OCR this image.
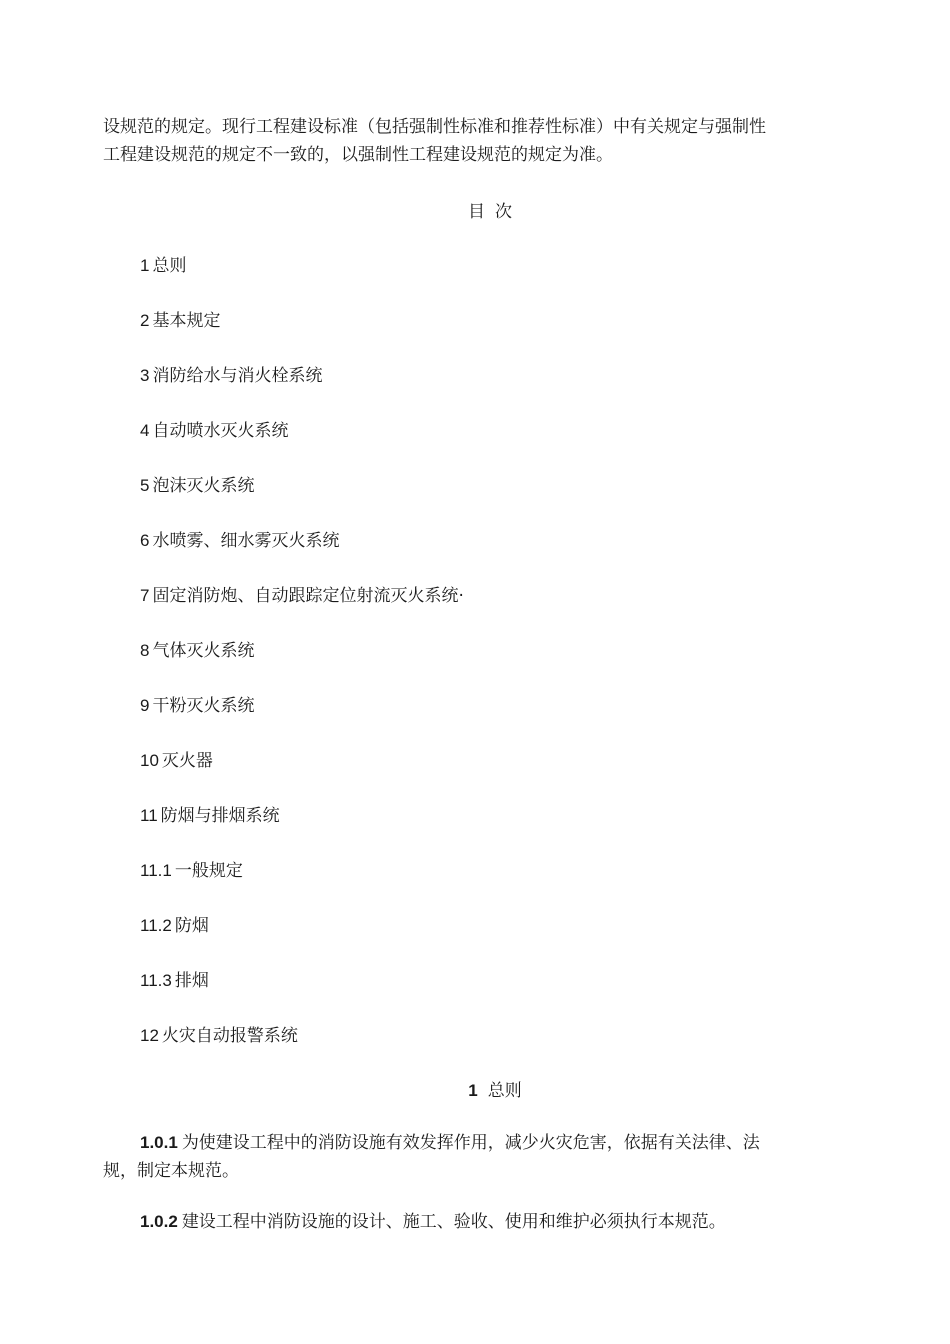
设规范的规定。现行工程建设标准（包括强制性标准和推荐性标准）中有关规定与强制性
工程建设规范的规定不一致的，以强制性工程建设规范的规定为准。
目次
1 总则
2 基本规定
3 消防给水与消火栓系统
4 自动喷水灭火系统
5 泡沫灭火系统
6 水喷雾、细水雾灭火系统
7 固定消防炮、自动跟踪定位射流灭火系统·
8 气体灭火系统
9 干粉灭火系统
10 灭火器
11 防烟与排烟系统
11.1 一般规定
11.2 防烟
11.3 排烟
12 火灾自动报警系统
1 总则
1.0.1 为使建设工程中的消防设施有效发挥作用，减少火灾危害，依据有关法律、法
规，制定本规范。
1.0.2 建设工程中消防设施的设计、施工、验收、使用和维护必须执行本规范。
